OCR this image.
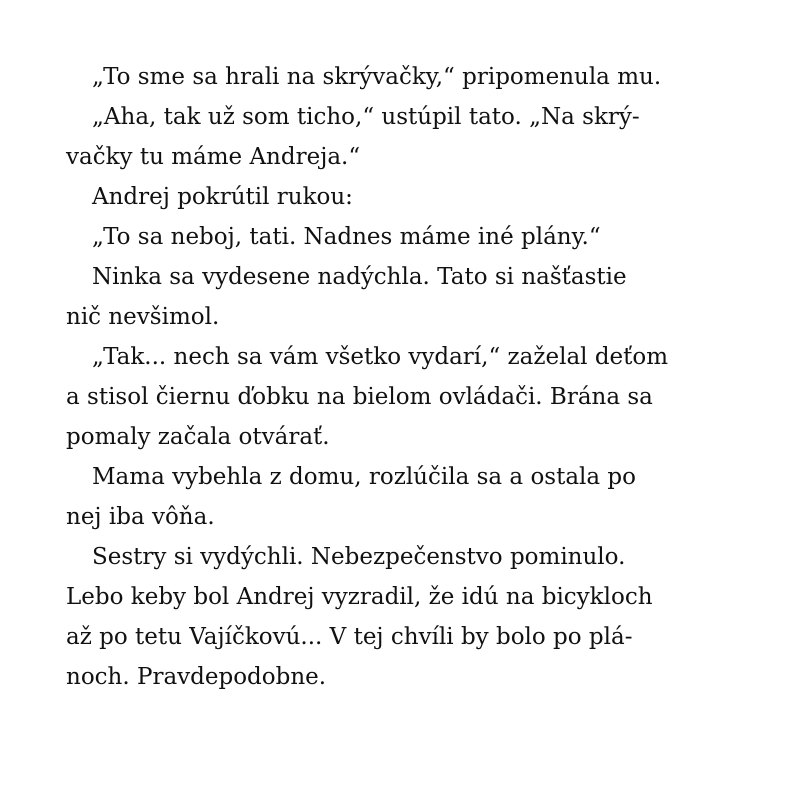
„To sme sa hrali na skrývačky,“ pripomenula mu.
„Aha, tak už som ticho,“ ustúpil tato. „Na skrý-
vačky tu máme Andreja.“
Andrej pokrútil rukou:
„To sa neboj, tati. Nadnes máme iné plány.“
Ninka sa vydesene nadýchla. Tato si našťastie
nič nevšimol.
„Tak... nech sa vám všetko vydarí,“ zaželal deťom
a stisol čiernu ďobku na bielom ovládači. Brána sa
pomaly začala otvárať.
Mama vybehla z domu, rozlúčila sa a ostala po
nej iba vôňa.
Sestry si vydýchli. Nebezpečenstvo pominulo.
Lebo keby bol Andrej vyzradil, že idú na bicykloch
až po tetu Vajíčkovú... V tej chvíli by bolo po plá-
noch. Pravdepodobne.
